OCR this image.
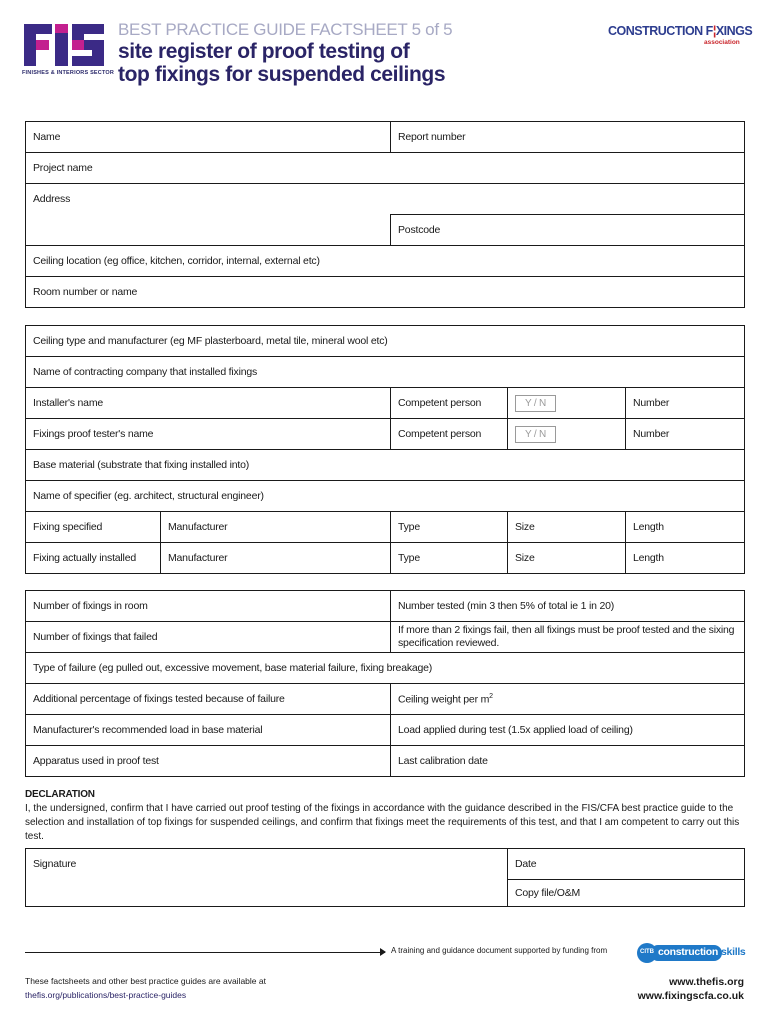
FINISHES & INTERIORS SECTOR
BEST PRACTICE GUIDE FACTSHEET 5 of 5
site register of proof testing of
top fixings for suspended ceilings
CONSTRUCTION F¦XINGS
association
Name	Report number
Project name	
Address	
	Postcode
Ceiling location (eg office, kitchen, corridor, internal, external etc)	
Room number or name	
Ceiling type and manufacturer (eg MF plasterboard, metal tile, mineral wool etc)				
Name of contracting company that installed fixings				
Installer's name		Competent person	Y / N	Number
Fixings proof tester's name		Competent person	Y / N	Number
Base material (substrate that fixing installed into)				
Name of specifier (eg. architect, structural engineer)				
Fixing specified	Manufacturer	Type	Size	Length
Fixing actually installed	Manufacturer	Type	Size	Length
Number of fixings in room	Number tested (min 3 then 5% of total ie 1 in 20)
Number of fixings that failed	If more than 2 fixings fail, then all fixings must be proof tested and the sixing specification reviewed.
Type of failure (eg pulled out, excessive movement, base material failure, fixing breakage)	
Additional percentage of fixings tested because of failure	Ceiling weight per $m^2$
Manufacturer's recommended load in base material	Load applied during test (1.5x applied load of ceiling)
Apparatus used in proof test	Last calibration date
DECLARATION
I, the undersigned, confirm that I have carried out proof testing of the fixings in accordance with the guidance described in the FIS/CFA best practice guide to the selection and installation of top fixings for suspended ceilings, and confirm that fixings meet the requirements of this test, and that I am competent to carry out this test.
Signature	Date
	Copy file/O&M
A training and guidance document supported by funding from	CITB construction skills
These factsheets and other best practice guides are available at
thefis.org/publications/best-practice-guides
www.thefis.org
www.fixingscfa.co.uk
